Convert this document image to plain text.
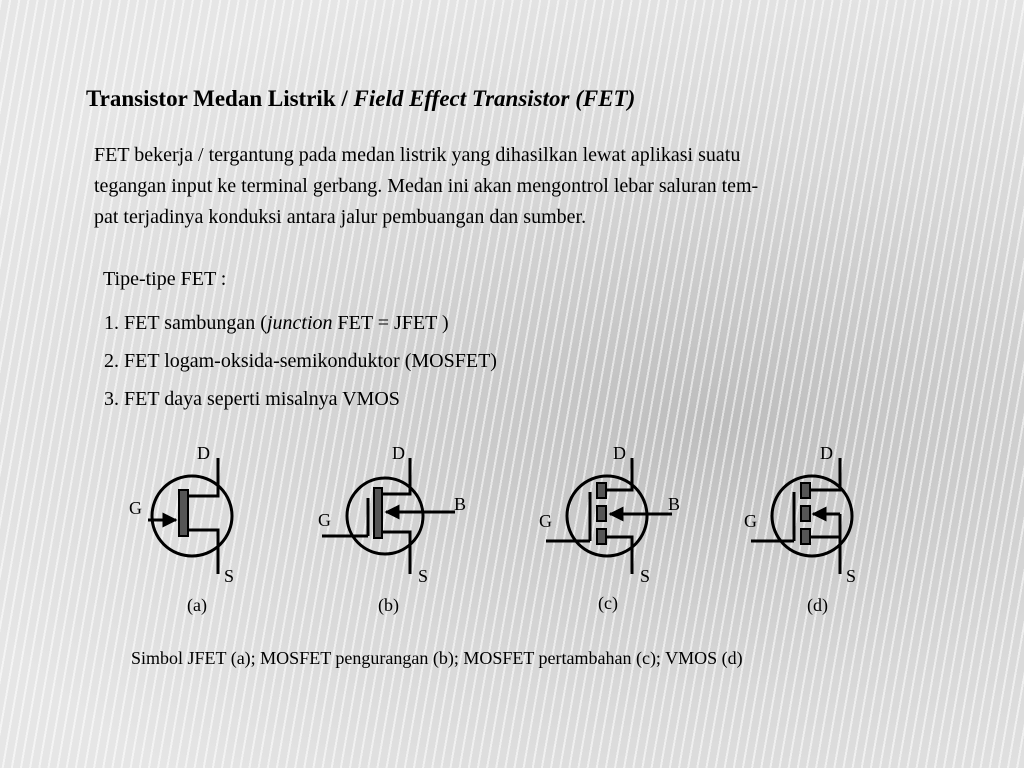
Transistor Medan Listrik / Field Effect Transistor (FET)
FET bekerja / tergantung pada medan listrik yang dihasilkan lewat aplikasi suatu
tegangan input ke terminal gerbang. Medan ini akan mengontrol lebar saluran tem-
pat terjadinya konduksi antara jalur pembuangan dan sumber.
Tipe-tipe FET :
1. FET sambungan (junction FET = JFET )
2. FET logam-oksida-semikonduktor (MOSFET)
3. FET daya seperti misalnya VMOS
D
G
S
(a)
D
G
B
S
(b)
D
G
B
S
(c)
D
G
S
(d)
Simbol JFET (a); MOSFET pengurangan (b); MOSFET pertambahan (c); VMOS (d)
